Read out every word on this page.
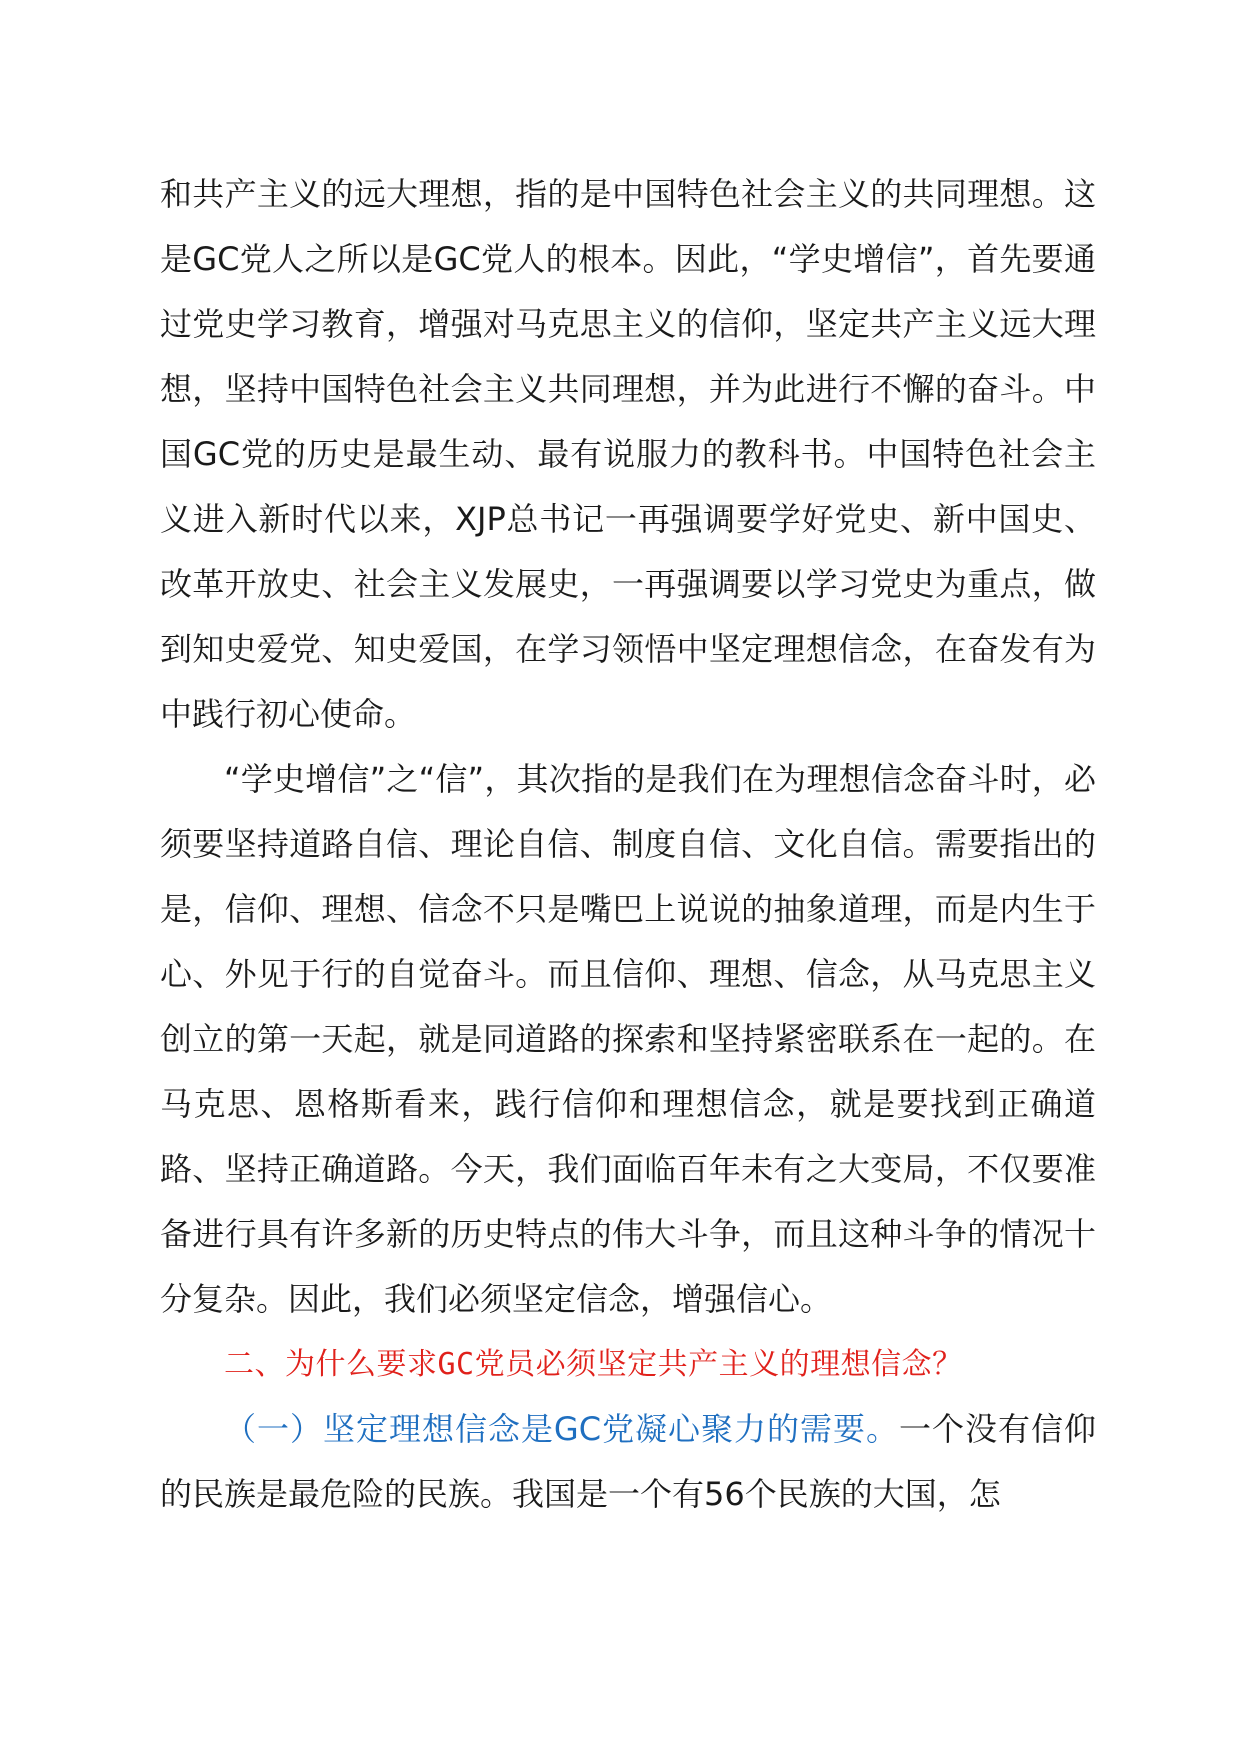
和共产主义的远大理想，指的是中国特色社会主义的共同理想。这是GC党人之所以是GC党人的根本。因此，“学史增信”，首先要通过党史学习教育，增强对马克思主义的信仰，坚定共产主义远大理想，坚持中国特色社会主义共同理想，并为此进行不懈的奋斗。中国GC党的历史是最生动、最有说服力的教科书。中国特色社会主义进入新时代以来，XJP总书记一再强调要学好党史、新中国史、改革开放史、社会主义发展史，一再强调要以学习党史为重点，做到知史爱党、知史爱国，在学习领悟中坚定理想信念，在奋发有为中践行初心使命。

“学史增信”之“信”，其次指的是我们在为理想信念奋斗时，必须要坚持道路自信、理论自信、制度自信、文化自信。需要指出的是，信仰、理想、信念不只是嘴巴上说说的抽象道理，而是内生于心、外见于行的自觉奋斗。而且信仰、理想、信念，从马克思主义创立的第一天起，就是同道路的探索和坚持紧密联系在一起的。在马克思、恩格斯看来，践行信仰和理想信念，就是要找到正确道路、坚持正确道路。今天，我们面临百年未有之大变局，不仅要准备进行具有许多新的历史特点的伟大斗争，而且这种斗争的情况十分复杂。因此，我们必须坚定信念，增强信心。

二、为什么要求GC党员必须坚定共产主义的理想信念？

（一）坚定理想信念是GC党凝心聚力的需要。一个没有信仰的民族是最危险的民族。我国是一个有56个民族的大国，怎
